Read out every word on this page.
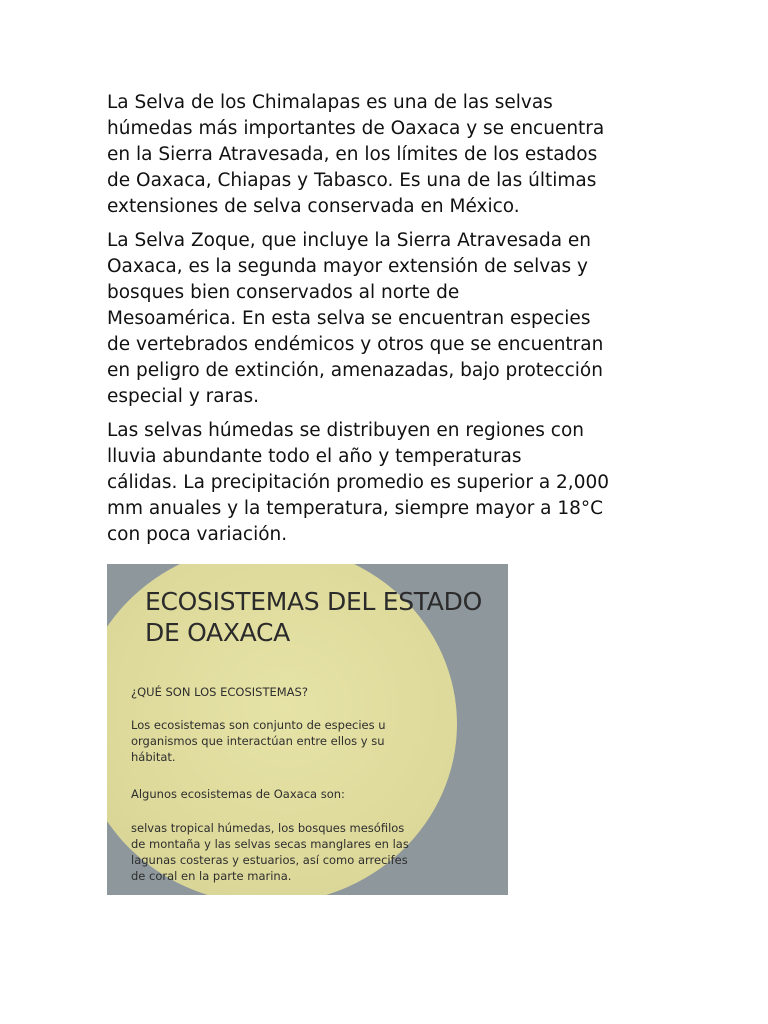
La Selva de los Chimalapas es una de las selvas
húmedas más importantes de Oaxaca y se encuentra
en la Sierra Atravesada, en los límites de los estados
de Oaxaca, Chiapas y Tabasco. Es una de las últimas
extensiones de selva conservada en México.

La Selva Zoque, que incluye la Sierra Atravesada en
Oaxaca, es la segunda mayor extensión de selvas y
bosques bien conservados al norte de
Mesoamérica. En esta selva se encuentran especies
de vertebrados endémicos y otros que se encuentran
en peligro de extinción, amenazadas, bajo protección
especial y raras.

Las selvas húmedas se distribuyen en regiones con
lluvia abundante todo el año y temperaturas
cálidas. La precipitación promedio es superior a 2,000
mm anuales y la temperatura, siempre mayor a 18°C
con poca variación.

ECOSISTEMAS DEL ESTADO
DE OAXACA
¿QUÉ SON LOS ECOSISTEMAS?
Los ecosistemas son conjunto de especies u
organismos que interactúan entre ellos y su
hábitat.
Algunos ecosistemas de Oaxaca son:
selvas tropical húmedas, los bosques mesófilos
de montaña y las selvas secas manglares en las
lagunas costeras y estuarios, así como arrecifes
de coral en la parte marina.
